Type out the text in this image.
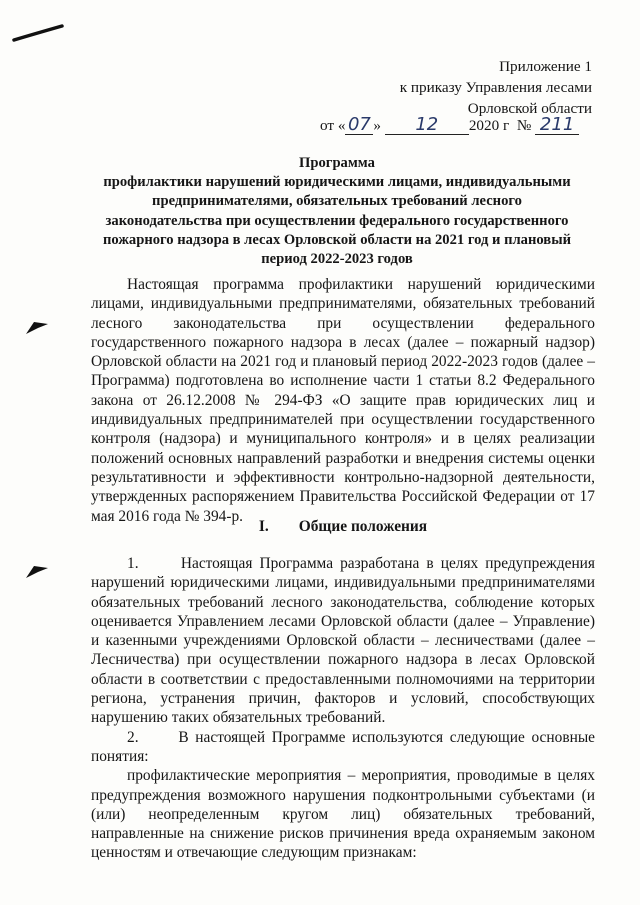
Приложение 1
к приказу Управления лесами
Орловской области
от « 07 » 12 2020 г № 211
Программа
профилактики нарушений юридическими лицами, индивидуальными
предпринимателями, обязательных требований лесного
законодательства при осуществлении федерального государственного
пожарного надзора в лесах Орловской области на 2021 год и плановый
период 2022-2023 годов

Настоящая программа профилактики нарушений юридическими лицами, индивидуальными предпринимателями, обязательных требований лесного законодательства при осуществлении федерального государственного пожарного надзора в лесах (далее – пожарный надзор) Орловской области на 2021 год и плановый период 2022-2023 годов (далее – Программа) подготовлена во исполнение части 1 статьи 8.2 Федерального закона от 26.12.2008 № 294-ФЗ «О защите прав юридических лиц и индивидуальных предпринимателей при осуществлении государственного контроля (надзора) и муниципального контроля» и в целях реализации положений основных направлений разработки и внедрения системы оценки результативности и эффективности контрольно-надзорной деятельности, утвержденных распоряжением Правительства Российской Федерации от 17 мая 2016 года № 394-р.

I. Общие положения

1.      Настоящая Программа разработана в целях предупреждения нарушений юридическими лицами, индивидуальными предпринимателями обязательных требований лесного законодательства, соблюдение которых оценивается Управлением лесами Орловской области (далее – Управление) и казенными учреждениями Орловской области – лесничествами (далее – Лесничества) при осуществлении пожарного надзора в лесах Орловской области в соответствии с предоставленными полномочиями на территории региона, устранения причин, факторов и условий, способствующих нарушению таких обязательных требований.

2.      В настоящей Программе используются следующие основные понятия:

профилактические мероприятия – мероприятия, проводимые в целях предупреждения возможного нарушения подконтрольными субъектами (и (или) неопределенным кругом лиц) обязательных требований, направленные на снижение рисков причинения вреда охраняемым законом ценностям и отвечающие следующим признакам:
